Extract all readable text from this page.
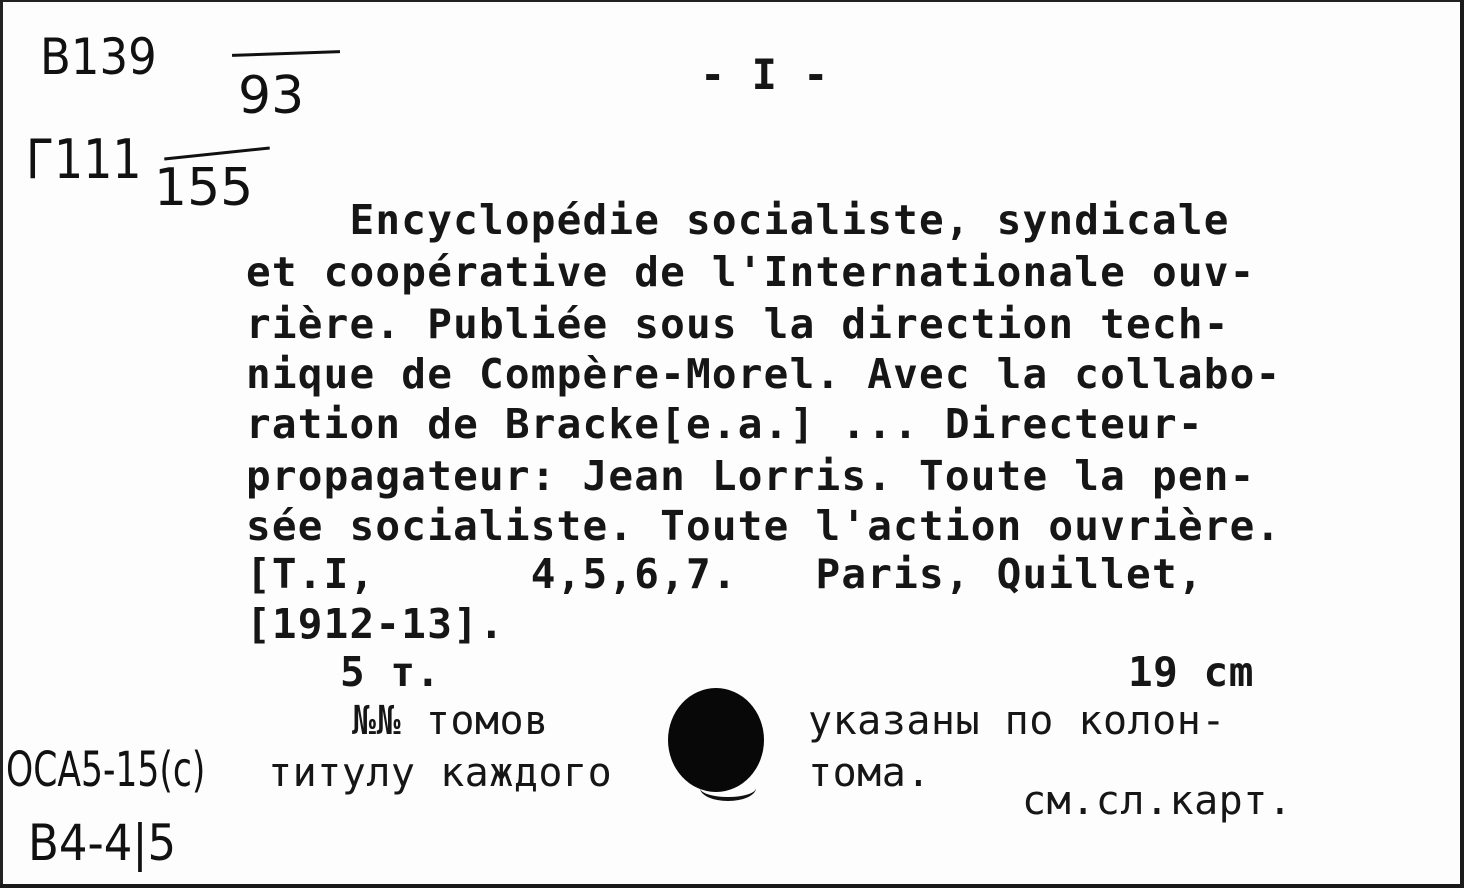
В139
93
Г111 155
- I -
Encyclopédie socialiste, syndicale
et coopérative de l'Internationale ouv-
rière. Publiée sous la direction tech-
nique de Compère-Morel. Avec la collabo-
ration de Bracke[e.a.] ... Directeur-
propagateur: Jean Lorris. Toute la pen-
sée socialiste. Toute l'action ouvrière.
[T.I,      4,5,6,7.   Paris, Quillet,
[1912-13].
5 т.	19 cm
№№ томов	указаны по колон-
титулу каждого	тома.
см.сл.карт.
OCA5-15(c)
В4-4|5
